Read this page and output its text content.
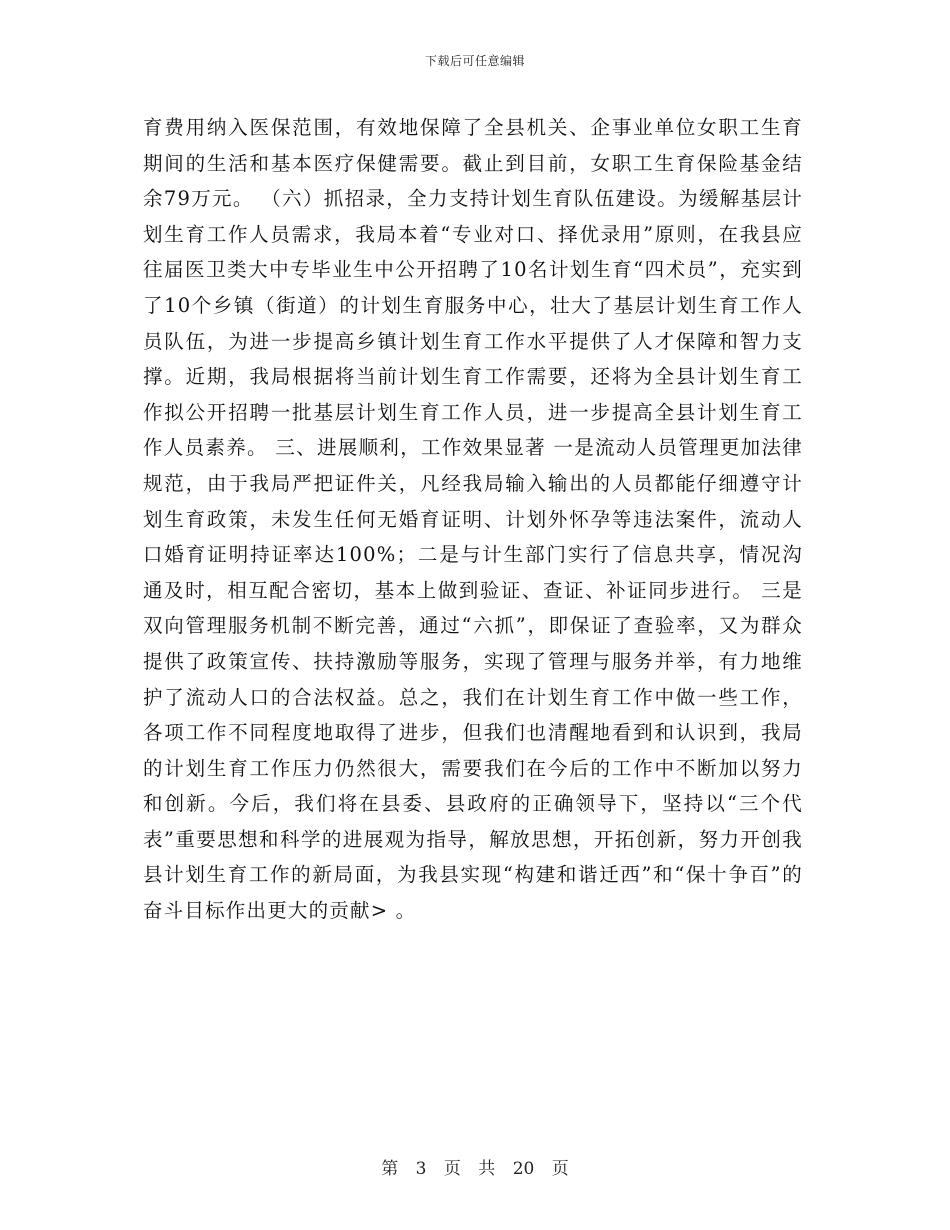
下载后可任意编辑

育费用纳入医保范围，有效地保障了全县机关、企事业单位女职工生育期间的生活和基本医疗保健需要。截止到目前，女职工生育保险基金结余79万元。 （六）抓招录，全力支持计划生育队伍建设。为缓解基层计划生育工作人员需求，我局本着“专业对口、择优录用”原则，在我县应往届医卫类大中专毕业生中公开招聘了10名计划生育“四术员”，充实到了10个乡镇（街道）的计划生育服务中心，壮大了基层计划生育工作人员队伍，为进一步提高乡镇计划生育工作水平提供了人才保障和智力支撑。近期，我局根据将当前计划生育工作需要，还将为全县计划生育工作拟公开招聘一批基层计划生育工作人员，进一步提高全县计划生育工作人员素养。 三、进展顺利，工作效果显著 一是流动人员管理更加法律规范，由于我局严把证件关，凡经我局输入输出的人员都能仔细遵守计划生育政策，未发生任何无婚育证明、计划外怀孕等违法案件，流动人口婚育证明持证率达100%；二是与计生部门实行了信息共享，情况沟通及时，相互配合密切，基本上做到验证、查证、补证同步进行。 三是双向管理服务机制不断完善，通过“六抓”，即保证了查验率，又为群众提供了政策宣传、扶持激励等服务，实现了管理与服务并举，有力地维护了流动人口的合法权益。总之，我们在计划生育工作中做一些工作，各项工作不同程度地取得了进步，但我们也清醒地看到和认识到，我局的计划生育工作压力仍然很大，需要我们在今后的工作中不断加以努力和创新。今后，我们将在县委、县政府的正确领导下，坚持以“三个代表”重要思想和科学的进展观为指导，解放思想，开拓创新，努力开创我县计划生育工作的新局面，为我县实现“构建和谐迁西”和“保十争百”的奋斗目标作出更大的贡献> 。

第 3 页 共 20 页
